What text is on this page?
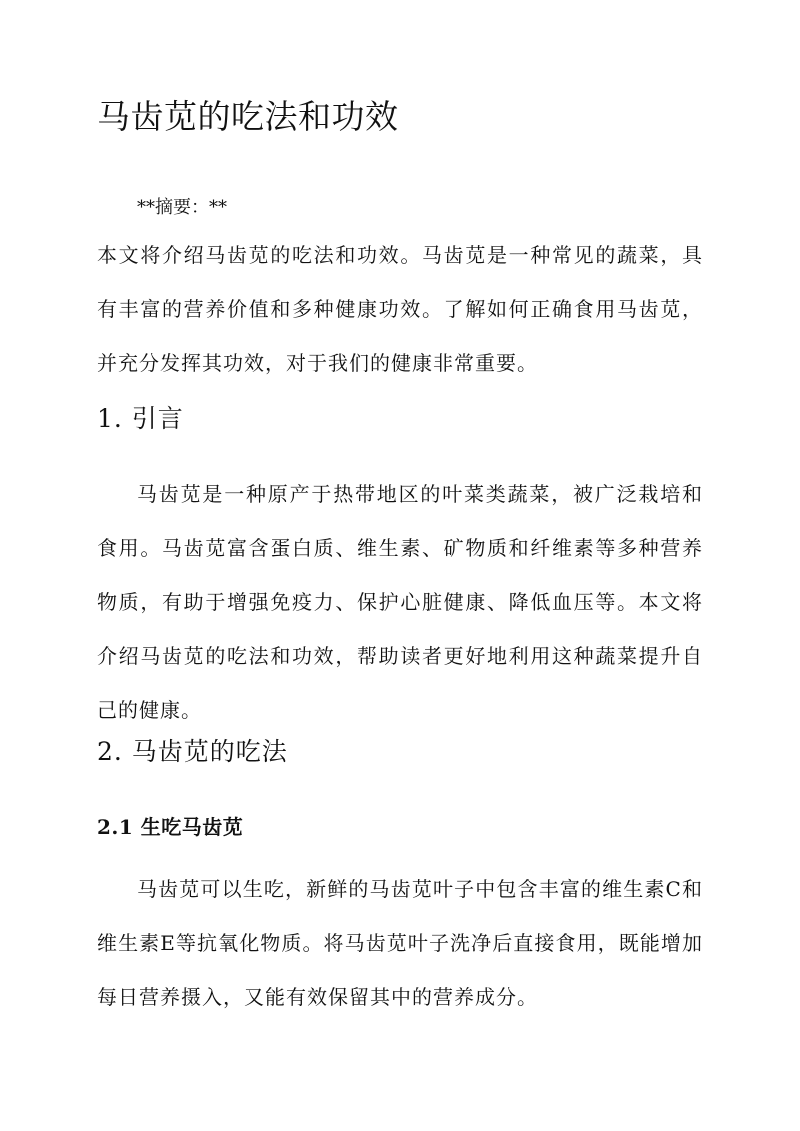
马齿苋的吃法和功效
**摘要：**

本文将介绍马齿苋的吃法和功效。马齿苋是一种常见的蔬菜，具有丰富的营养价值和多种健康功效。了解如何正确食用马齿苋，并充分发挥其功效，对于我们的健康非常重要。

1. 引言

马齿苋是一种原产于热带地区的叶菜类蔬菜，被广泛栽培和食用。马齿苋富含蛋白质、维生素、矿物质和纤维素等多种营养物质，有助于增强免疫力、保护心脏健康、降低血压等。本文将介绍马齿苋的吃法和功效，帮助读者更好地利用这种蔬菜提升自己的健康。

2. 马齿苋的吃法
2.1 生吃马齿苋

马齿苋可以生吃，新鲜的马齿苋叶子中包含丰富的维生素C和维生素E等抗氧化物质。将马齿苋叶子洗净后直接食用，既能增加每日营养摄入，又能有效保留其中的营养成分。
